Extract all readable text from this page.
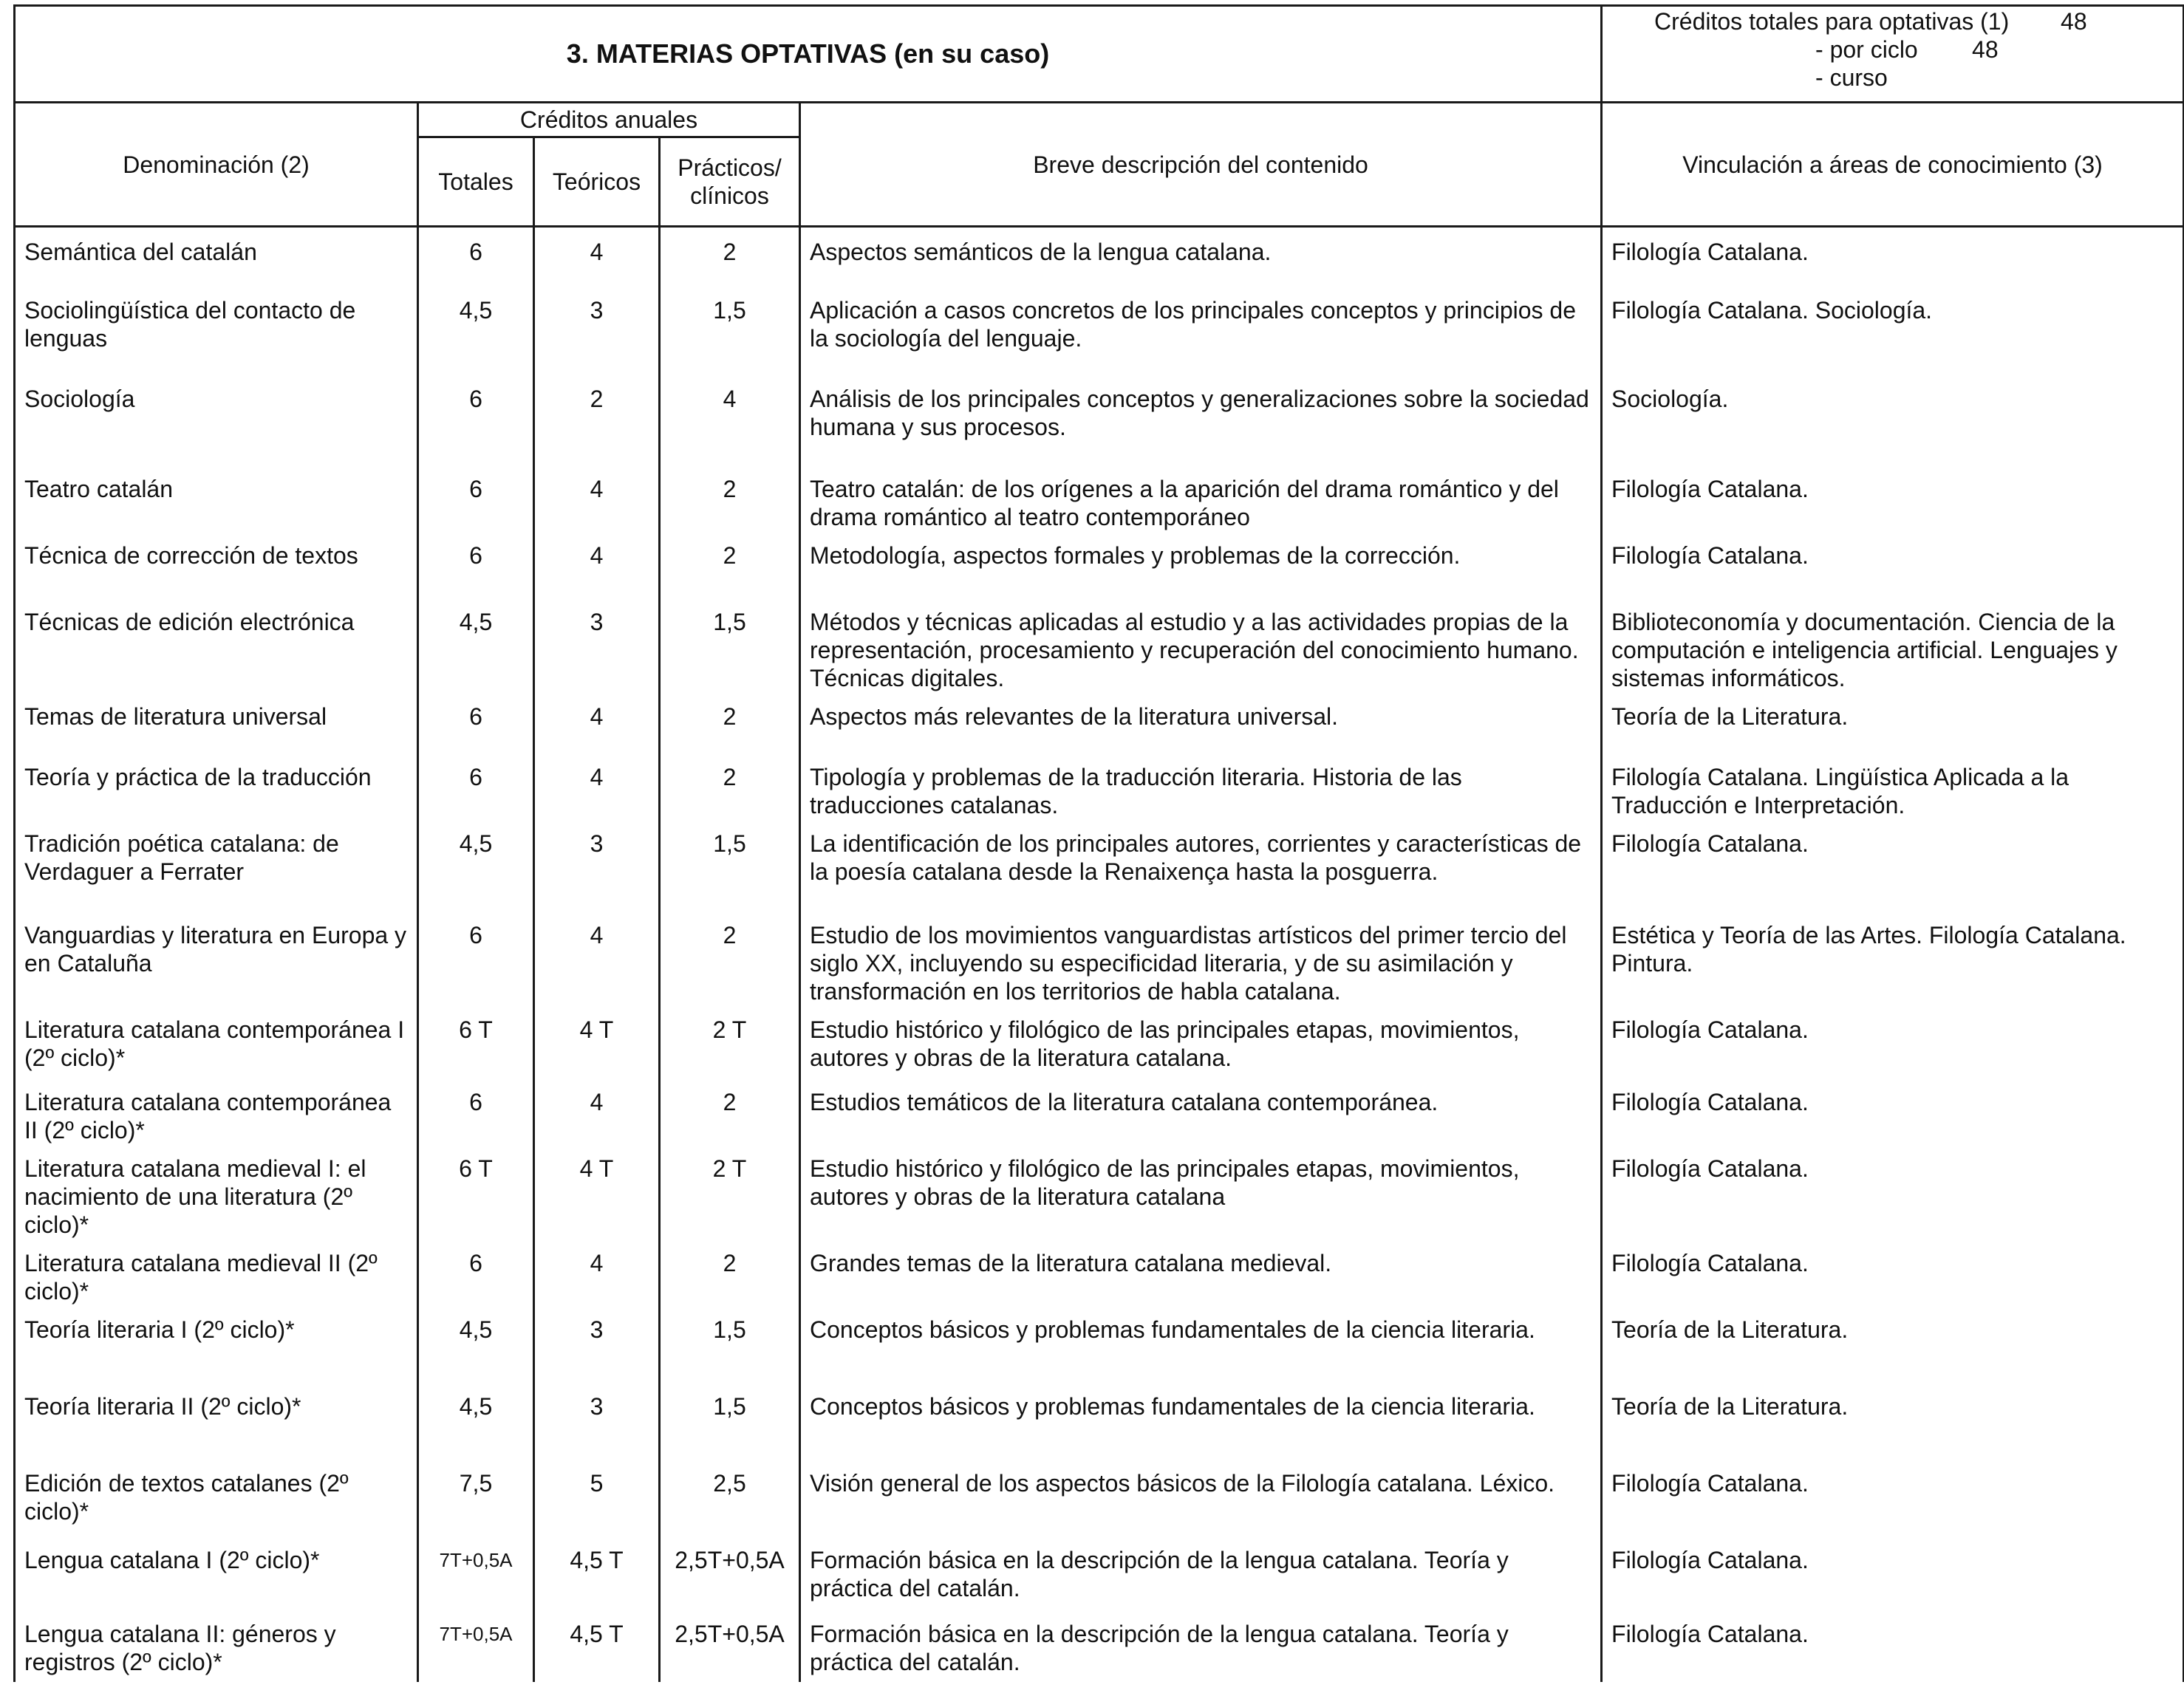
3. MATERIAS OPTATIVAS (en su caso)					Créditos totales para optativas (1) 48
- por ciclo 48
- curso

Denominación (2)	Créditos anuales			Breve descripción del contenido	Vinculación a áreas de conocimiento (3)
	Totales	Teóricos	Prácticos/ clínicos		
Semántica del catalán	6	4	2	Aspectos semánticos de la lengua catalana.	Filología Catalana.
Sociolingüística del contacto de lenguas	4,5	3	1,5	Aplicación a casos concretos de los principales conceptos y principios de la sociología del lenguaje.	Filología Catalana. Sociología.
Sociología	6	2	4	Análisis de los principales conceptos y generalizaciones sobre la sociedad humana y sus procesos.	Sociología.
Teatro catalán	6	4	2	Teatro catalán: de los orígenes a la aparición del drama romántico y del drama romántico al teatro contemporáneo	Filología Catalana.
Técnica de corrección de textos	6	4	2	Metodología, aspectos formales y problemas de la corrección.	Filología Catalana.
Técnicas de edición electrónica	4,5	3	1,5	Métodos y técnicas aplicadas al estudio y a las actividades propias de la representación, procesamiento y recuperación del conocimiento humano. Técnicas digitales.	Biblioteconomía y documentación. Ciencia de la computación e inteligencia artificial. Lenguajes y sistemas informáticos.
Temas de literatura universal	6	4	2	Aspectos más relevantes de la literatura universal.	Teoría de la Literatura.
Teoría y práctica de la traducción	6	4	2	Tipología y problemas de la traducción literaria. Historia de las traducciones catalanas.	Filología Catalana. Lingüística Aplicada a la Traducción e Interpretación.
Tradición poética catalana: de Verdaguer a Ferrater	4,5	3	1,5	La identificación de los principales autores, corrientes y características de la poesía catalana desde la Renaixença hasta la posguerra.	Filología Catalana.
Vanguardias y literatura en Europa y en Cataluña	6	4	2	Estudio de los movimientos vanguardistas artísticos del primer tercio del siglo XX, incluyendo su especificidad literaria, y de su asimilación y transformación en los territorios de habla catalana.	Estética y Teoría de las Artes. Filología Catalana. Pintura.
Literatura catalana contemporánea I (2º ciclo)*	6 T	4 T	2 T	Estudio histórico y filológico de las principales etapas, movimientos, autores y obras de la literatura catalana.	Filología Catalana.
Literatura catalana contemporánea II (2º ciclo)*	6	4	2	Estudios temáticos de la literatura catalana contemporánea.	Filología Catalana.
Literatura catalana medieval I: el nacimiento de una literatura (2º ciclo)*	6 T	4 T	2 T	Estudio histórico y filológico de las principales etapas, movimientos, autores y obras de la literatura catalana	Filología Catalana.
Literatura catalana medieval II (2º ciclo)*	6	4	2	Grandes temas de la literatura catalana medieval.	Filología Catalana.
Teoría literaria I (2º ciclo)*	4,5	3	1,5	Conceptos básicos y problemas fundamentales de la ciencia literaria.	Teoría de la Literatura.
Teoría literaria II (2º ciclo)*	4,5	3	1,5	Conceptos básicos y problemas fundamentales de la ciencia literaria.	Teoría de la Literatura.
Edición de textos catalanes (2º ciclo)*	7,5	5	2,5	Visión general de los aspectos básicos de la Filología catalana. Léxico.	Filología Catalana.
Lengua catalana I (2º ciclo)*	7T+0,5A	4,5 T	2,5T+0,5A	Formación básica en la descripción de la lengua catalana. Teoría y práctica del catalán.	Filología Catalana.
Lengua catalana II: géneros y registros (2º ciclo)*	7T+0,5A	4,5 T	2,5T+0,5A	Formación básica en la descripción de la lengua catalana. Teoría y práctica del catalán.	Filología Catalana.
